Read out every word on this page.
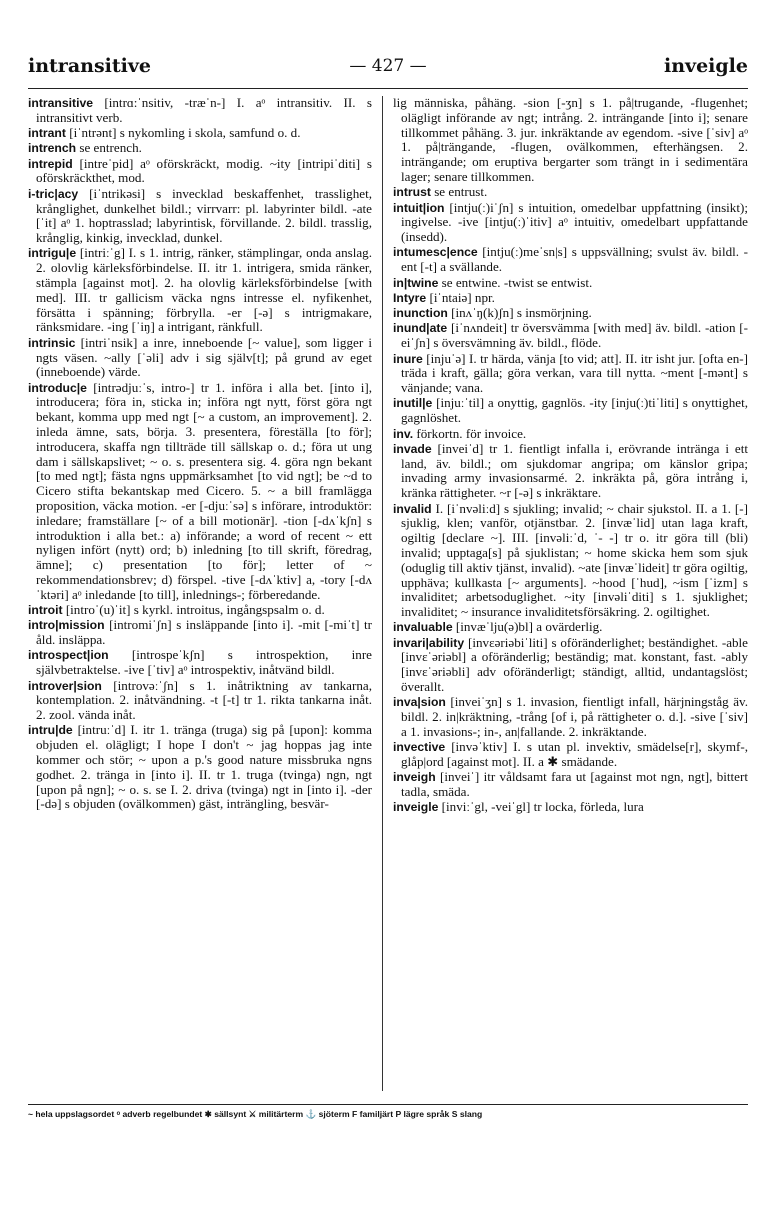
intransitive	— 427 —	inveigle
intransitive [intrɑ:ˈnsitiv, -træˈn-] I. aᵒ intransitiv. II. s intransitivt verb.
intrant [iˈntrənt] s nykomling i skola, samfund o. d.
intrench se entrench.
intrepid [intreˈpid] aᵒ oförskräckt, modig. ~ity [intripiˈditi] s oförskräckthet, mod.
i-tric|acy [iˈntrikəsi] s invecklad beskaffenhet, trasslighet, krånglighet, dunkelhet bildl.; virrvarr: pl. labyrinter bildl. -ate [ˈit] aᵒ 1. hoptrasslad; labyrintisk, förvillande. 2. bildl. trasslig, krånglig, kinkig, invecklad, dunkel.
intrigu|e [intriːˈg] I. s 1. intrig, ränker, stämplingar, onda anslag. 2. olovlig kärleksförbindelse. II. itr 1. intrigera, smida ränker, stämpla [against mot]. 2. ha olovlig kärleksförbindelse [with med]. III. tr gallicism väcka ngns intresse el. nyfikenhet, försätta i spänning; förbrylla. -er [-ə] s intrigmakare, ränksmidare. -ing [ˈiŋ] a intrigant, ränkfull.
intrinsic [intriˈnsik] a inre, inneboende [~ value], som ligger i ngts väsen. ~ally [ˈəli] adv i sig själv[t]; på grund av eget (inneboende) värde.
introduc|e [intrədjuːˈs, intro-] tr 1. införa i alla bet. [into i], introducera; föra in, sticka in; införa ngt nytt, först göra ngt bekant, komma upp med ngt [~ a custom, an improvement]. 2. inleda ämne, sats, börja. 3. presentera, föreställa [to för]; introducera, skaffa ngn tillträde till sällskap o. d.; föra ut ung dam i sällskapslivet; ~ o. s. presentera sig. 4. göra ngn bekant [to med ngt]; fästa ngns uppmärksamhet [to vid ngt]; be ~d to Cicero stifta bekantskap med Cicero. 5. ~ a bill framlägga proposition, väcka motion. -er [-djuːˈsə] s införare, introduktör: inledare; framställare [~ of a bill motionär]. -tion [-dʌˈkʃn] s introduktion i alla bet.: a) införande; a word of recent ~ ett nyligen infört (nytt) ord; b) inledning [to till skrift, föredrag, ämne]; c) presentation [to för]; letter of ~ rekommendationsbrev; d) förspel. -tive [-dʌˈktiv] a, -tory [-dʌˈktəri] aᵒ inledande [to till], inlednings-; förberedande.
introit [introˈ(u)ˈit] s kyrkl. introitus, ingångspsalm o. d.
intro|mission [intromiˈʃn] s insläppande [into i]. -mit [-miˈt] tr åld. insläppa.
introspect|ion [introspeˈkʃn] s introspektion, inre självbetraktelse. -ive [ˈtiv] aᵒ introspektiv, inåtvänd bildl.
introver|sion [introvəːˈʃn] s 1. inåtriktning av tankarna, kontemplation. 2. inåtvändning. -t [-t] tr 1. rikta tankarna inåt. 2. zool. vända inåt.
intru|de [intruːˈd] I. itr 1. tränga (truga) sig på [upon]: komma objuden el. olägligt; I hope I don't ~ jag hoppas jag inte kommer och stör; ~ upon a p.'s good nature missbruka ngns godhet. 2. tränga in [into i]. II. tr 1. truga (tvinga) ngn, ngt [upon på ngn]; ~ o. s. se I. 2. driva (tvinga) ngt in [into i]. -der [-də] s objuden (ovälkommen) gäst, inträngling, besvär-
lig människa, påhäng. -sion [-ʒn] s 1. på|trugande, -flugenhet; olägligt införande av ngt; intrång. 2. inträngande [into i]; senare tillkommet påhäng. 3. jur. inkräktande av egendom. -sive [ˈsiv] aᵒ 1. på|trängande, -flugen, ovälkommen, efterhängsen. 2. inträngande; om eruptiva bergarter som trängt in i sedimentära lager; senare tillkommen.
intrust se entrust.
intuit|ion [intju(ː)iˈʃn] s intuition, omedelbar uppfattning (insikt); ingivelse. -ive [intju(ː)ˈitiv] aᵒ intuitiv, omedelbart uppfattande (insedd).
intumesc|ence [intju(ː)meˈsn|s] s uppsvällning; svulst äv. bildl. -ent [-t] a svällande.
in|twine se entwine. -twist se entwist.
Intyre [iˈntaiə] npr.
inunction [inʌˈŋ(k)ʃn] s insmörjning.
inund|ate [iˈnʌndeit] tr översvämma [with med] äv. bildl. -ation [-eiˈʃn] s översvämning äv. bildl., flöde.
inure [injuˈə] I. tr härda, vänja [to vid; att]. II. itr isht jur. [ofta en-] träda i kraft, gälla; göra verkan, vara till nytta. ~ment [-mənt] s vänjande; vana.
inutil|e [injuːˈtil] a onyttig, gagnlös. -ity [inju(ː)tiˈliti] s onyttighet, gagnlöshet.
inv. förkortn. för invoice.
invade [inveiˈd] tr 1. fientligt infalla i, erövrande intränga i ett land, äv. bildl.; om sjukdomar angripa; om känslor gripa; invading army invasionsarmé. 2. inkräkta på, göra intrång i, kränka rättigheter. ~r [-ə] s inkräktare.
invalid I. [iˈnvəliːd] s sjukling; invalid; ~ chair sjukstol. II. a 1. [-] sjuklig, klen; vanför, otjänstbar. 2. [invæˈlid] utan laga kraft, ogiltig [declare ~]. III. [invəliːˈd, ˈ- -] tr o. itr göra till (bli) invalid; upptaga[s] på sjuklistan; ~ home skicka hem som sjuk (oduglig till aktiv tjänst, invalid). ~ate [invæˈlideit] tr göra ogiltig, upphäva; kullkasta [~ arguments]. ~hood [ˈhud], ~ism [ˈizm] s invaliditet; arbetsoduglighet. ~ity [invəliˈditi] s 1. sjuklighet; invaliditet; ~ insurance invaliditetsförsäkring. 2. ogiltighet.
invaluable [invæˈlju(ə)bl] a ovärderlig.
invari|ability [invɛəriəbiˈliti] s oföränderlighet; beständighet. -able [invɛˈəriəbl] a oföränderlig; beständig; mat. konstant, fast. -ably [invɛˈəriəbli] adv oföränderligt; ständigt, alltid, undantagslöst; överallt.
inva|sion [inveiˈʒn] s 1. invasion, fientligt infall, härjningståg äv. bildl. 2. in|kräktning, -trång [of i, på rättigheter o. d.]. -sive [ˈsiv] a 1. invasions-; in-, an|fallande. 2. inkräktande.
invective [invəˈktiv] I. s utan pl. invektiv, smädelse[r], skymf-, glåp|ord [against mot]. II. a ✱ smädande.
inveigh [inveiˈ] itr våldsamt fara ut [against mot ngn, ngt], bittert tadla, smäda.
inveigle [inviːˈgl, -veiˈgl] tr locka, förleda, lura
~ hela uppslagsordet ᵒ adverb regelbundet ✱ sällsynt ⚔ militärterm ⚓ sjöterm F familjärt P lägre språk S slang
